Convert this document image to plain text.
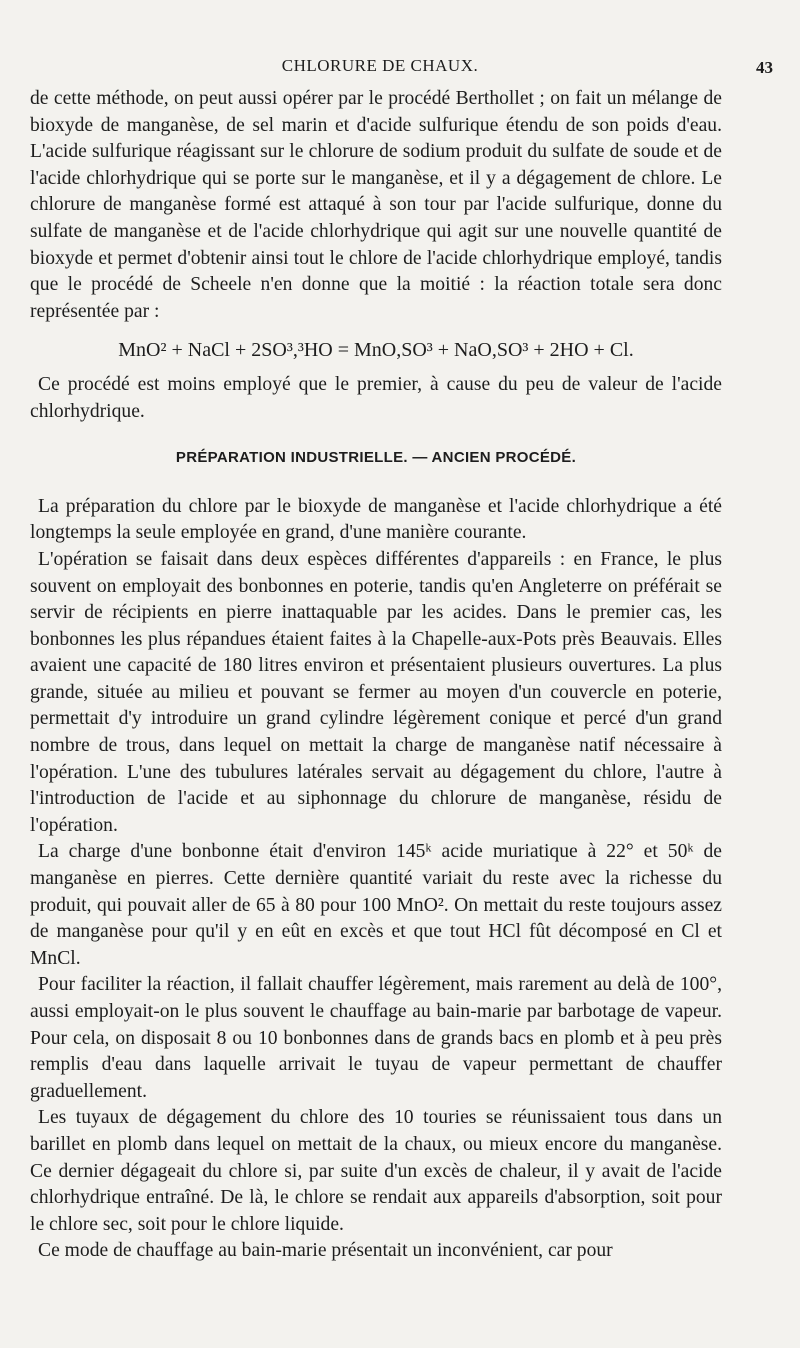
CHLORURE DE CHAUX.	43

de cette méthode, on peut aussi opérer par le procédé Berthollet ; on fait un mélange de bioxyde de manganèse, de sel marin et d'acide sulfurique étendu de son poids d'eau. L'acide sulfurique réagissant sur le chlorure de sodium produit du sulfate de soude et de l'acide chlorhydrique qui se porte sur le manganèse, et il y a dégagement de chlore. Le chlorure de manganèse formé est attaqué à son tour par l'acide sulfurique, donne du sulfate de manganèse et de l'acide chlorhydrique qui agit sur une nouvelle quantité de bioxyde et permet d'obtenir ainsi tout le chlore de l'acide chlorhydrique employé, tandis que le procédé de Scheele n'en donne que la moitié : la réaction totale sera donc représentée par :

MnO² + NaCl + 2SO³,³HO = MnO,SO³ + NaO,SO³ + 2HO + Cl.

Ce procédé est moins employé que le premier, à cause du peu de valeur de l'acide chlorhydrique.

PRÉPARATION INDUSTRIELLE. — ANCIEN PROCÉDÉ.

La préparation du chlore par le bioxyde de manganèse et l'acide chlorhydrique a été longtemps la seule employée en grand, d'une manière courante.

L'opération se faisait dans deux espèces différentes d'appareils : en France, le plus souvent on employait des bonbonnes en poterie, tandis qu'en Angleterre on préférait se servir de récipients en pierre inattaquable par les acides. Dans le premier cas, les bonbonnes les plus répandues étaient faites à la Chapelle-aux-Pots près Beauvais. Elles avaient une capacité de 180 litres environ et présentaient plusieurs ouvertures. La plus grande, située au milieu et pouvant se fermer au moyen d'un couvercle en poterie, permettait d'y introduire un grand cylindre légèrement conique et percé d'un grand nombre de trous, dans lequel on mettait la charge de manganèse natif nécessaire à l'opération. L'une des tubulures latérales servait au dégagement du chlore, l'autre à l'introduction de l'acide et au siphonnage du chlorure de manganèse, résidu de l'opération.

La charge d'une bonbonne était d'environ 145ᵏ acide muriatique à 22° et 50ᵏ de manganèse en pierres. Cette dernière quantité variait du reste avec la richesse du produit, qui pouvait aller de 65 à 80 pour 100 MnO². On mettait du reste toujours assez de manganèse pour qu'il y en eût en excès et que tout HCl fût décomposé en Cl et MnCl.

Pour faciliter la réaction, il fallait chauffer légèrement, mais rarement au delà de 100°, aussi employait-on le plus souvent le chauffage au bain-marie par barbotage de vapeur. Pour cela, on disposait 8 ou 10 bonbonnes dans de grands bacs en plomb et à peu près remplis d'eau dans laquelle arrivait le tuyau de vapeur permettant de chauffer graduellement.

Les tuyaux de dégagement du chlore des 10 touries se réunissaient tous dans un barillet en plomb dans lequel on mettait de la chaux, ou mieux encore du manganèse. Ce dernier dégageait du chlore si, par suite d'un excès de chaleur, il y avait de l'acide chlorhydrique entraîné. De là, le chlore se rendait aux appareils d'absorption, soit pour le chlore sec, soit pour le chlore liquide.

Ce mode de chauffage au bain-marie présentait un inconvénient, car pour
